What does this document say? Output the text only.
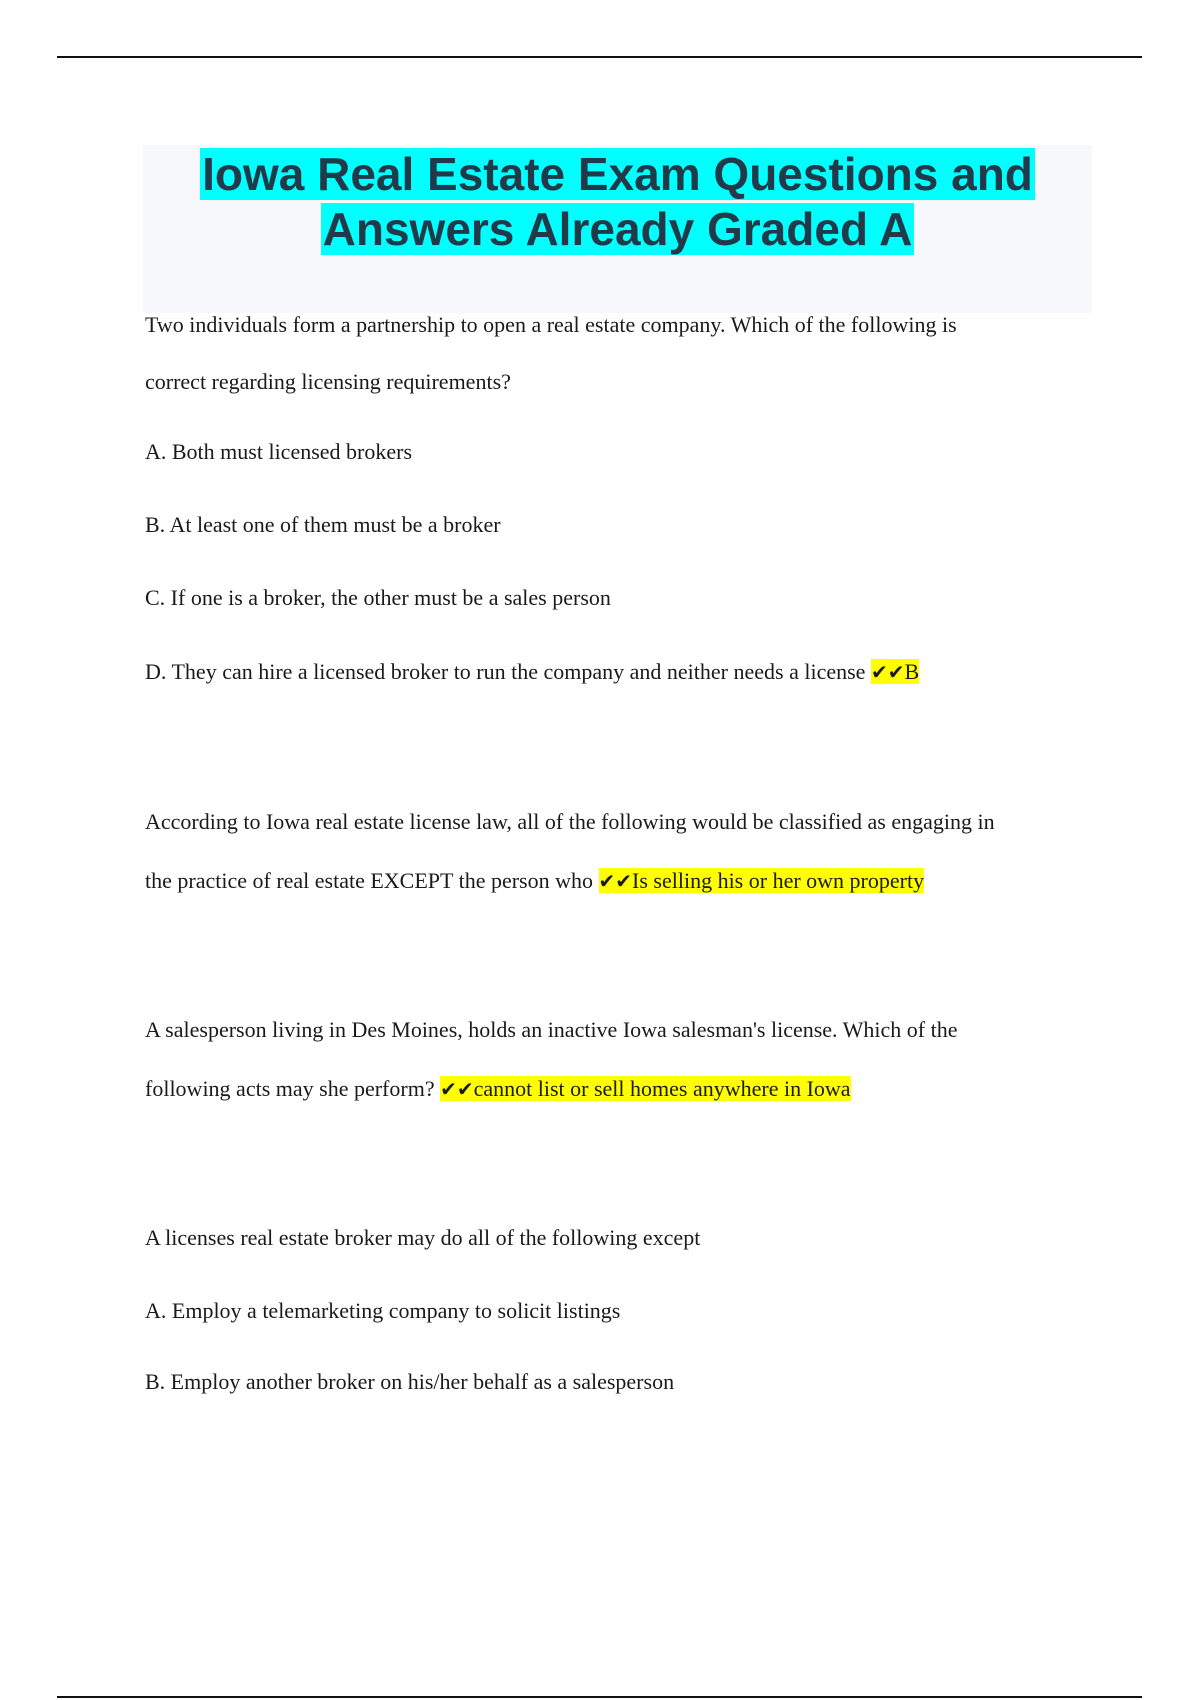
Iowa Real Estate Exam Questions and
Answers Already Graded A
Two individuals form a partnership to open a real estate company. Which of the following is
correct regarding licensing requirements?
A. Both must licensed brokers
B. At least one of them must be a broker
C. If one is a broker, the other must be a sales person
D. They can hire a licensed broker to run the company and neither needs a license ✔✔B
According to Iowa real estate license law, all of the following would be classified as engaging in
the practice of real estate EXCEPT the person who ✔✔Is selling his or her own property
A salesperson living in Des Moines, holds an inactive Iowa salesman's license. Which of the
following acts may she perform? ✔✔cannot list or sell homes anywhere in Iowa
A licenses real estate broker may do all of the following except
A. Employ a telemarketing company to solicit listings
B. Employ another broker on his/her behalf as a salesperson
